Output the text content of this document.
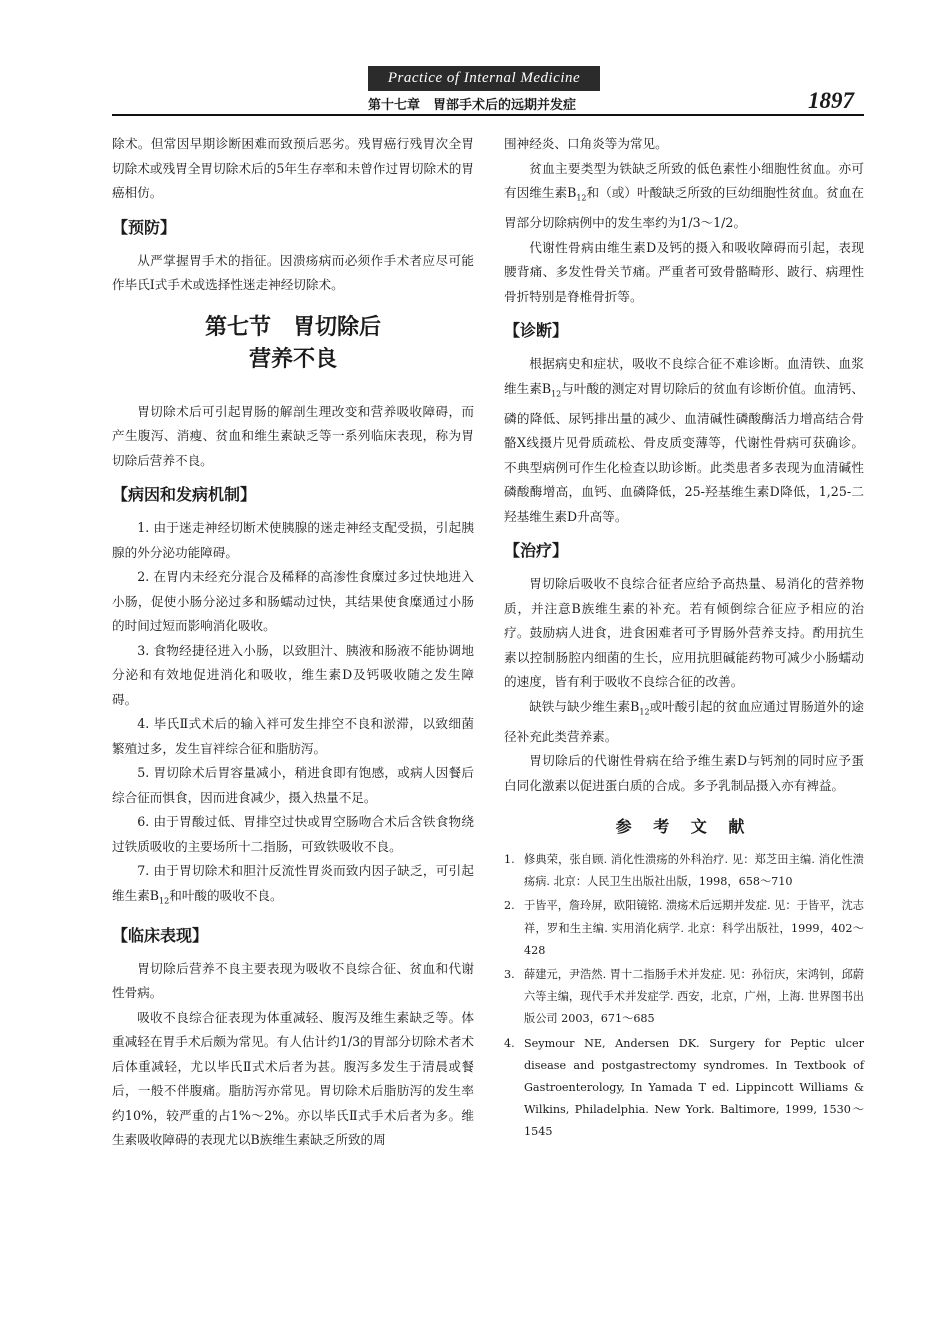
Practice of Internal Medicine
第十七章　胃部手术后的远期并发症	1897

除术。但常因早期诊断困难而致预后恶劣。残胃癌行残胃次全胃切除术或残胃全胃切除术后的5年生存率和未曾作过胃切除术的胃癌相仿。

【预防】

从严掌握胃手术的指征。因溃疡病而必须作手术者应尽可能作毕氏Ⅰ式手术或选择性迷走神经切除术。

第七节　胃切除后
营养不良

胃切除术后可引起胃肠的解剖生理改变和营养吸收障碍，而产生腹泻、消瘦、贫血和维生素缺乏等一系列临床表现，称为胃切除后营养不良。

【病因和发病机制】

1. 由于迷走神经切断术使胰腺的迷走神经支配受损，引起胰腺的外分泌功能障碍。

2. 在胃内未经充分混合及稀释的高渗性食糜过多过快地进入小肠，促使小肠分泌过多和肠蠕动过快，其结果使食糜通过小肠的时间过短而影响消化吸收。

3. 食物经捷径进入小肠，以致胆汁、胰液和肠液不能协调地分泌和有效地促进消化和吸收，维生素D及钙吸收随之发生障碍。

4. 毕氏Ⅱ式术后的输入袢可发生排空不良和淤滞，以致细菌繁殖过多，发生盲袢综合征和脂肪泻。

5. 胃切除术后胃容量减小，稍进食即有饱感，或病人因餐后综合征而惧食，因而进食减少，摄入热量不足。

6. 由于胃酸过低、胃排空过快或胃空肠吻合术后含铁食物绕过铁质吸收的主要场所十二指肠，可致铁吸收不良。

7. 由于胃切除术和胆汁反流性胃炎而致内因子缺乏，可引起维生素$B_{12}$和叶酸的吸收不良。

【临床表现】

胃切除后营养不良主要表现为吸收不良综合征、贫血和代谢性骨病。

吸收不良综合征表现为体重减轻、腹泻及维生素缺乏等。体重减轻在胃手术后颇为常见。有人估计约1/3的胃部分切除术者术后体重减轻，尤以毕氏Ⅱ式术后者为甚。腹泻多发生于清晨或餐后，一般不伴腹痛。脂肪泻亦常见。胃切除术后脂肪泻的发生率约10%，较严重的占1%～2%。亦以毕氏Ⅱ式手术后者为多。维生素吸收障碍的表现尤以B族维生素缺乏所致的周

围神经炎、口角炎等为常见。

贫血主要类型为铁缺乏所致的低色素性小细胞性贫血。亦可有因维生素$B_{12}$和（或）叶酸缺乏所致的巨幼细胞性贫血。贫血在胃部分切除病例中的发生率约为1/3～1/2。

代谢性骨病由维生素D及钙的摄入和吸收障碍而引起，表现腰背痛、多发性骨关节痛。严重者可致骨骼畸形、跛行、病理性骨折特别是脊椎骨折等。

【诊断】

根据病史和症状，吸收不良综合征不难诊断。血清铁、血浆维生素$B_{12}$与叶酸的测定对胃切除后的贫血有诊断价值。血清钙、磷的降低、尿钙排出量的减少、血清碱性磷酸酶活力增高结合骨骼X线摄片见骨质疏松、骨皮质变薄等，代谢性骨病可获确诊。不典型病例可作生化检查以助诊断。此类患者多表现为血清碱性磷酸酶增高，血钙、血磷降低，25-羟基维生素D降低，1,25-二羟基维生素D升高等。

【治疗】

胃切除后吸收不良综合征者应给予高热量、易消化的营养物质，并注意B族维生素的补充。若有倾倒综合征应予相应的治疗。鼓励病人进食，进食困难者可予胃肠外营养支持。酌用抗生素以控制肠腔内细菌的生长，应用抗胆碱能药物可减少小肠蠕动的速度，皆有利于吸收不良综合征的改善。

缺铁与缺少维生素$B_{12}$或叶酸引起的贫血应通过胃肠道外的途径补充此类营养素。

胃切除后的代谢性骨病在给予维生素D与钙剂的同时应予蛋白同化激素以促进蛋白质的合成。多予乳制品摄入亦有裨益。

参 考 文 献
1. 修典荣，张自顾. 消化性溃疡的外科治疗. 见：郑芝田主编. 消化性溃疡病. 北京：人民卫生出版社出版，1998，658～710
2. 于皆平，詹玲屏，欧阳镜铭. 溃疡术后远期并发症. 见：于皆平，沈志祥，罗和生主编. 实用消化病学. 北京：科学出版社，1999，402～428
3. 薛建元，尹浩然. 胃十二指肠手术并发症. 见：孙衍庆，宋鸿钊，邱蔚六等主编，现代手术并发症学. 西安，北京，广州，上海. 世界图书出版公司 2003，671～685
4. Seymour NE, Andersen DK. Surgery for Peptic ulcer disease and postgastrectomy syndromes. In Textbook of Gastroenterology, In Yamada T ed. Lippincott Williams & Wilkins, Philadelphia. New York. Baltimore, 1999, 1530～1545
